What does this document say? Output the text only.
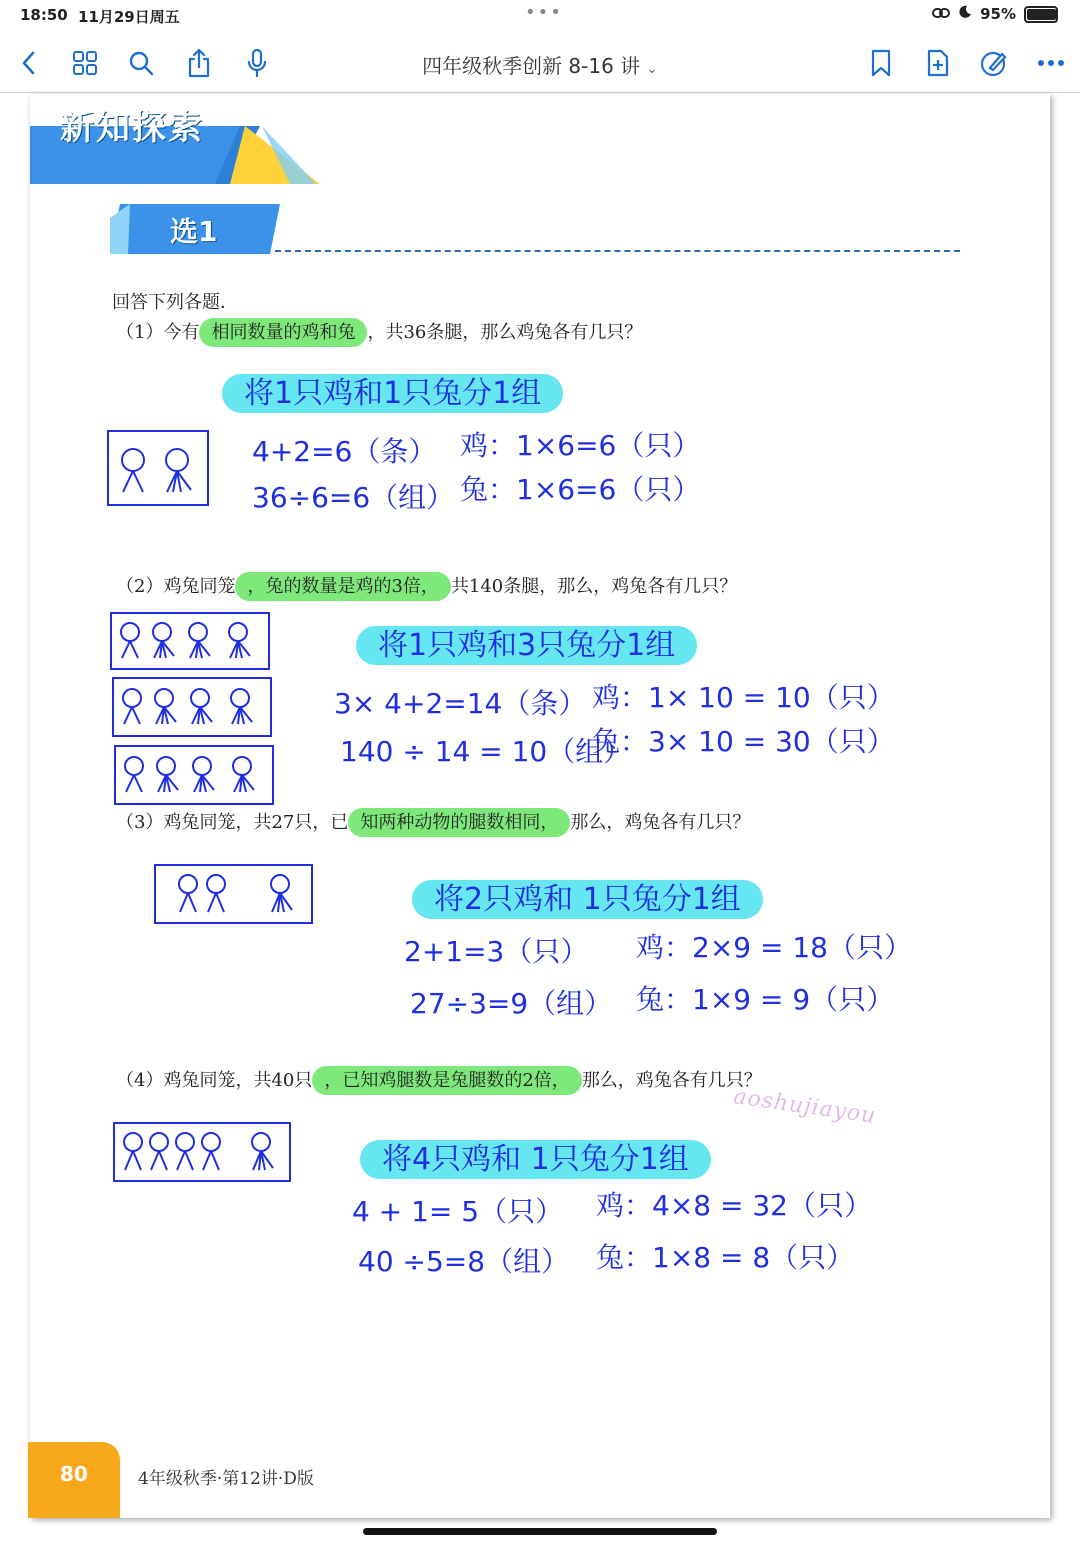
18:50 11月29日周五	•••	95%
四年级秋季创新 8-16 讲 ⌄
新知探索
选1
回答下列各题．
（1）今有 相同数量的鸡和兔 ，共36条腿，那么鸡兔各有几只？
将1只鸡和1只兔分1组
4+2=6（条）
36÷6=6（组）
鸡：1×6=6（只）
兔：1×6=6（只）
（2）鸡兔同笼 ，兔的数量是鸡的3倍， 共140条腿，那么，鸡兔各有几只？
将1只鸡和3只兔分1组
3× 4+2=14（条）
140 ÷ 14 = 10（组）
鸡：1× 10 = 10（只）
兔：3× 10 = 30（只）
（3）鸡兔同笼，共27只，已 知两种动物的腿数相同， 那么，鸡兔各有几只？
将2只鸡和 1只兔分1组
2+1=3（只）
27÷3=9（组）
鸡：2×9 = 18（只）
兔：1×9 = 9（只）
（4）鸡兔同笼，共40只 ，已知鸡腿数是兔腿数的2倍， 那么，鸡兔各有几只？
aoshujiayou
将4只鸡和 1只兔分1组
4 + 1= 5（只）
40 ÷5=8（组）
鸡：4×8 = 32（只）
兔：1×8 = 8（只）
80	4年级秋季·第12讲·D版
